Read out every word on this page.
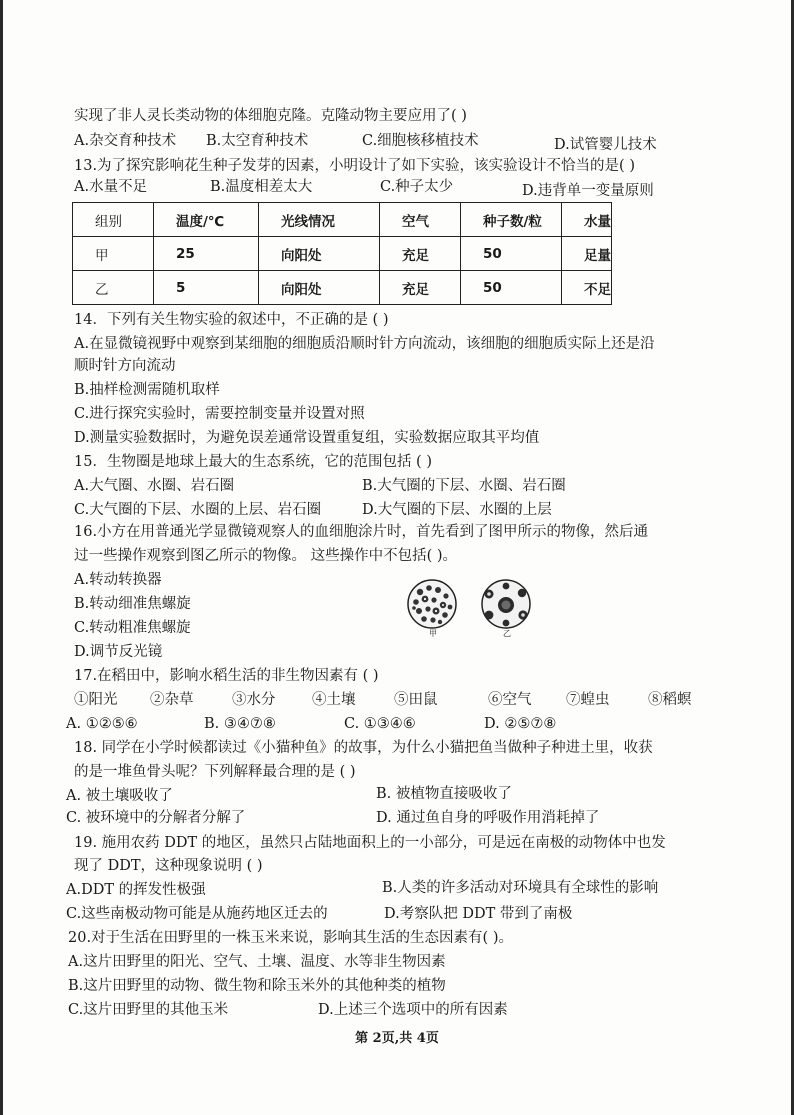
实现了非人灵长类动物的体细胞克隆。克隆动物主要应用了( )
A.杂交育种技术 B.太空育种技术	C.细胞核移植技术	D.试管婴儿技术
13.为了探究影响花生种子发芽的因素，小明设计了如下实验，该实验设计不恰当的是( )
A.水量不足	B.温度相差太大	C.种子太少	D.违背单一变量原则
组别	温度/℃	光线情况	空气	种子数/粒	水量
甲	25	向阳处	充足	50	足量
乙	5	向阳处	充足	50	不足
14．下列有关生物实验的叙述中，不正确的是 ( )
A.在显微镜视野中观察到某细胞的细胞质沿顺时针方向流动，该细胞的细胞质实际上还是沿
顺时针方向流动
B.抽样检测需随机取样
C.进行探究实验时，需要控制变量并设置对照
D.测量实验数据时，为避免误差通常设置重复组，实验数据应取其平均值
15．生物圈是地球上最大的生态系统，它的范围包括 ( )
A.大气圈、水圈、岩石圈	B.大气圈的下层、水圈、岩石圈
C.大气圈的下层、水圈的上层、岩石圈	D.大气圈的下层、水圈的上层
16.小方在用普通光学显微镜观察人的血细胞涂片时，首先看到了图甲所示的物像，然后通
过一些操作观察到图乙所示的物像。 这些操作中不包括( )。
A.转动转换器
B.转动细准焦螺旋
C.转动粗准焦螺旋
D.调节反光镜
甲	乙
17.在稻田中，影响水稻生活的非生物因素有 ( )
①阳光 ②杂草	③水分	④土壤	⑤田鼠	⑥空气 ⑦蝗虫	⑧稻螟
A. ①②⑤⑥	B. ③④⑦⑧	C. ①③④⑥	D. ②⑤⑦⑧
18. 同学在小学时候都读过《小猫种鱼》的故事，为什么小猫把鱼当做种子种进土里，收获
的是一堆鱼骨头呢？下列解释最合理的是 ( )
A. 被土壤吸收了	B. 被植物直接吸收了
C. 被环境中的分解者分解了	D. 通过鱼自身的呼吸作用消耗掉了
19. 施用农药 DDT 的地区，虽然只占陆地面积上的一小部分，可是远在南极的动物体中也发
现了 DDT，这种现象说明 ( )
A.DDT 的挥发性极强	B.人类的许多活动对环境具有全球性的影响
C.这些南极动物可能是从施药地区迁去的	D.考察队把 DDT 带到了南极
20.对于生活在田野里的一株玉米来说，影响其生活的生态因素有( )。
A.这片田野里的阳光、空气、土壤、温度、水等非生物因素
B.这片田野里的动物、微生物和除玉米外的其他种类的植物
C.这片田野里的其他玉米	D.上述三个选项中的所有因素
第 2页,共 4页
